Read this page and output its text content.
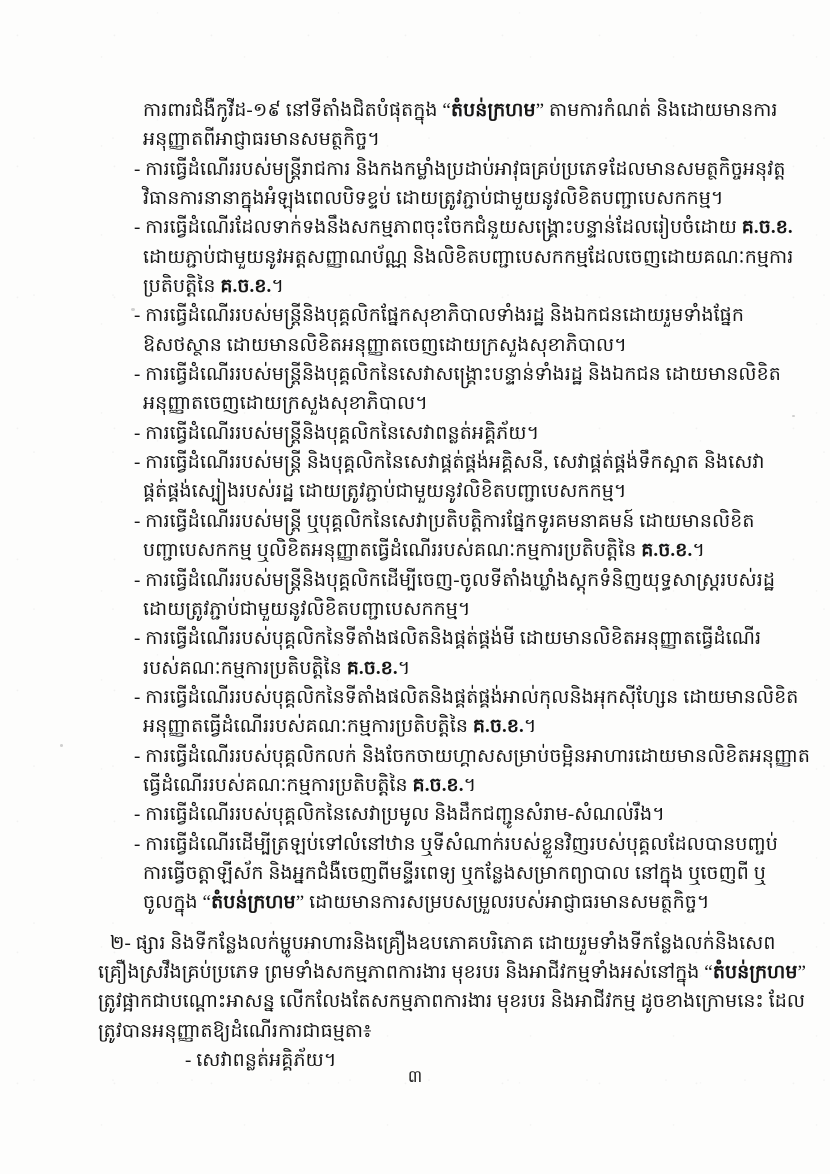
ការពារជំងឺកូវីដ-១៩ នៅទីតាំងជិតបំផុតក្នុង “តំបន់ក្រហម” តាមការកំណត់ និងដោយមានការ
អនុញ្ញាតពីអាជ្ញាធរមានសមត្ថកិច្ច។
- ការធ្វើដំណើររបស់មន្ត្រីរាជការ និងកងកម្លាំងប្រដាប់អាវុធគ្រប់ប្រភេទដែលមានសមត្ថកិច្ចអនុវត្ត
វិធានការនានាក្នុងអំឡុងពេលបិទខ្ទប់ ដោយត្រូវភ្ជាប់ជាមួយនូវលិខិតបញ្ជាបេសកកម្ម។
- ការធ្វើដំណើរដែលទាក់ទងនឹងសកម្មភាពចុះចែកជំនួយសង្គ្រោះបន្ទាន់ដែលរៀបចំដោយ គ.ច.ខ.
ដោយភ្ជាប់ជាមួយនូវអត្តសញ្ញាណប័ណ្ណ និងលិខិតបញ្ជាបេសកកម្មដែលចេញដោយគណៈកម្មការ
ប្រតិបត្តិនៃ គ.ច.ខ.។
- ការធ្វើដំណើររបស់មន្ត្រីនិងបុគ្គលិកផ្នែកសុខាភិបាលទាំងរដ្ឋ និងឯកជនដោយរួមទាំងផ្នែក
ឱសថស្ថាន ដោយមានលិខិតអនុញ្ញាតចេញដោយក្រសួងសុខាភិបាល។
- ការធ្វើដំណើររបស់មន្ត្រីនិងបុគ្គលិកនៃសេវាសង្គ្រោះបន្ទាន់ទាំងរដ្ឋ និងឯកជន ដោយមានលិខិត
អនុញ្ញាតចេញដោយក្រសួងសុខាភិបាល។
- ការធ្វើដំណើររបស់មន្ត្រីនិងបុគ្គលិកនៃសេវាពន្លត់អគ្គិភ័យ។
- ការធ្វើដំណើររបស់មន្ត្រី និងបុគ្គលិកនៃសេវាផ្គត់ផ្គង់អគ្គិសនី, សេវាផ្គត់ផ្គង់ទឹកស្អាត និងសេវា
ផ្គត់ផ្គង់ស្បៀងរបស់រដ្ឋ ដោយត្រូវភ្ជាប់ជាមួយនូវលិខិតបញ្ជាបេសកកម្ម។
- ការធ្វើដំណើររបស់មន្ត្រី ឬបុគ្គលិកនៃសេវាប្រតិបត្តិការផ្នែកទូរគមនាគមន៍ ដោយមានលិខិត
បញ្ជាបេសកកម្ម ឬលិខិតអនុញ្ញាតធ្វើដំណើររបស់គណៈកម្មការប្រតិបត្តិនៃ គ.ច.ខ.។
- ការធ្វើដំណើររបស់មន្ត្រីនិងបុគ្គលិកដើម្បីចេញ-ចូលទីតាំងឃ្លាំងស្តុកទំនិញយុទ្ធសាស្ត្ររបស់រដ្ឋ
ដោយត្រូវភ្ជាប់ជាមួយនូវលិខិតបញ្ជាបេសកកម្ម។
- ការធ្វើដំណើររបស់បុគ្គលិកនៃទីតាំងផលិតនិងផ្គត់ផ្គង់មី ដោយមានលិខិតអនុញ្ញាតធ្វើដំណើរ
របស់គណៈកម្មការប្រតិបត្តិនៃ គ.ច.ខ.។
- ការធ្វើដំណើររបស់បុគ្គលិកនៃទីតាំងផលិតនិងផ្គត់ផ្គង់អាល់កុលនិងអុកស៊ីហ្សែន ដោយមានលិខិត
អនុញ្ញាតធ្វើដំណើររបស់គណៈកម្មការប្រតិបត្តិនៃ គ.ច.ខ.។
- ការធ្វើដំណើររបស់បុគ្គលិកលក់ និងចែកចាយហ្គាសសម្រាប់ចម្អិនអាហារដោយមានលិខិតអនុញ្ញាត
ធ្វើដំណើររបស់គណៈកម្មការប្រតិបត្តិនៃ គ.ច.ខ.។
- ការធ្វើដំណើររបស់បុគ្គលិកនៃសេវាប្រមូល និងដឹកជញ្ជូនសំរាម-សំណល់រឹង។
- ការធ្វើដំណើរដើម្បីត្រឡប់ទៅលំនៅឋាន ឬទីសំណាក់របស់ខ្លួនវិញរបស់បុគ្គលដែលបានបញ្ចប់
ការធ្វើចត្តាឡីស័ក និងអ្នកជំងឺចេញពីមន្ទីរពេទ្យ ឬកន្លែងសម្រាកព្យាបាល នៅក្នុង ឬចេញពី ឬ
ចូលក្នុង “តំបន់ក្រហម” ដោយមានការសម្របសម្រួលរបស់អាជ្ញាធរមានសមត្ថកិច្ច។
២- ផ្សារ និងទីកន្លែងលក់ម្ហូបអាហារនិងគ្រឿងឧបភោគបរិភោគ ដោយរួមទាំងទីកន្លែងលក់និងសេព
គ្រឿងស្រវឹងគ្រប់ប្រភេទ ព្រមទាំងសកម្មភាពការងារ មុខរបរ និងអាជីវកម្មទាំងអស់នៅក្នុង “តំបន់ក្រហម”
ត្រូវផ្អាកជាបណ្ដោះអាសន្ន លើកលែងតែសកម្មភាពការងារ មុខរបរ និងអាជីវកម្ម ដូចខាងក្រោមនេះ ដែល
ត្រូវបានអនុញ្ញាតឱ្យដំណើរការជាធម្មតា៖
- សេវាពន្លត់អគ្គិភ័យ។
៣
